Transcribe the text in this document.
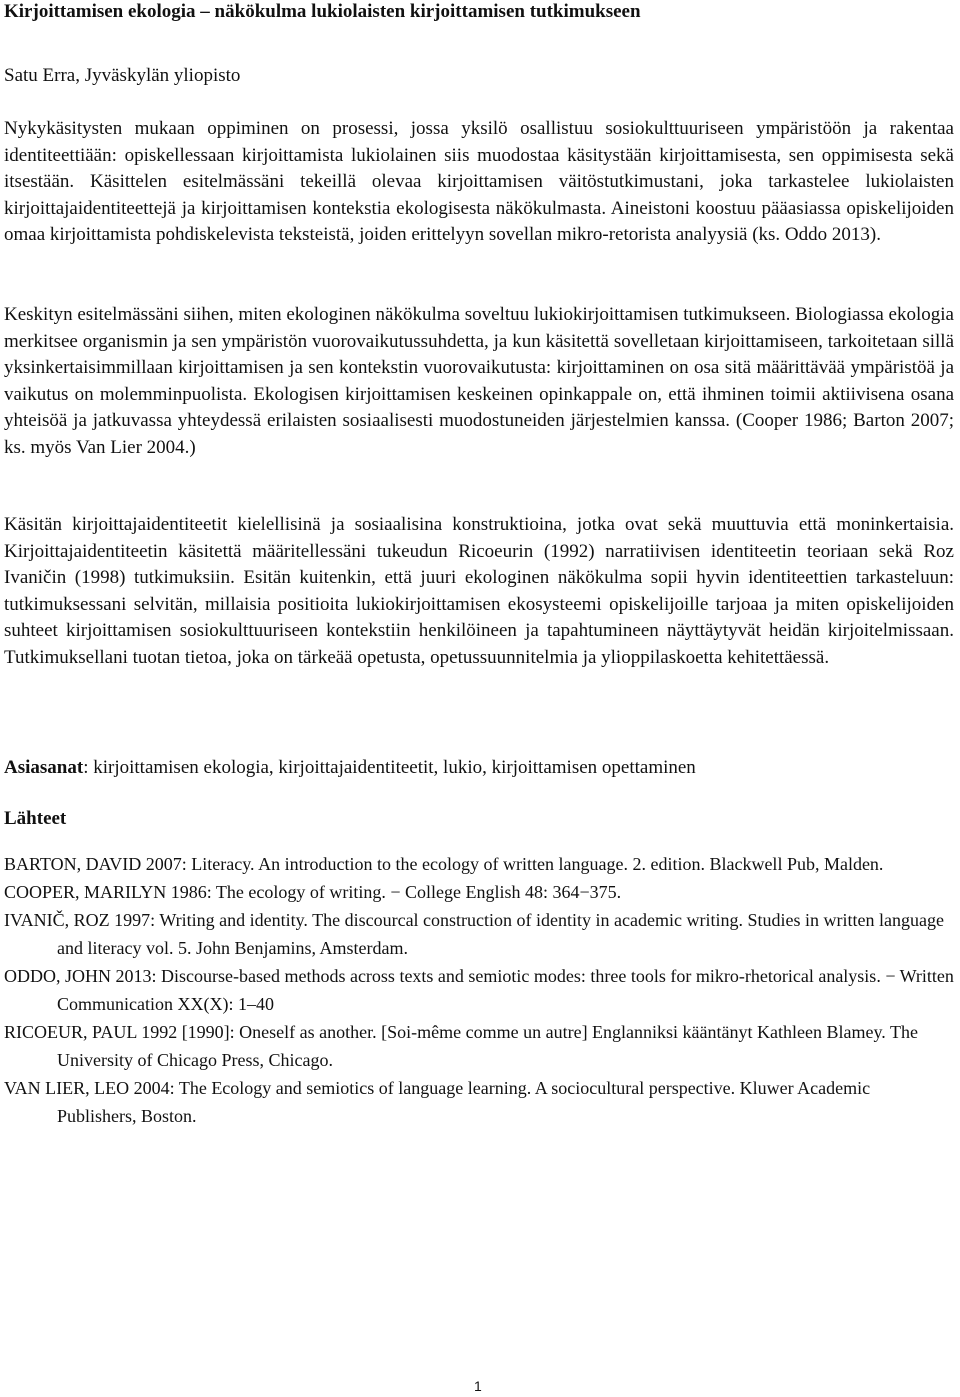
Kirjoittamisen ekologia – näkökulma lukiolaisten kirjoittamisen tutkimukseen

Satu Erra, Jyväskylän yliopisto

Nykykäsitysten mukaan oppiminen on prosessi, jossa yksilö osallistuu sosiokulttuuriseen ympäristöön ja rakentaa identiteettiään: opiskellessaan kirjoittamista lukiolainen siis muodostaa käsitystään kirjoittamisesta, sen oppimisesta sekä itsestään. Käsittelen esitelmässäni tekeillä olevaa kirjoittamisen väitöstutkimustani, joka tarkastelee lukiolaisten kirjoittajaidentiteettejä ja kirjoittamisen kontekstia ekologisesta näkökulmasta. Aineistoni koostuu pääasiassa opiskelijoiden omaa kirjoittamista pohdiskelevista teksteistä, joiden erittelyyn sovellan mikro-retorista analyysiä (ks. Oddo 2013).

Keskityn esitelmässäni siihen, miten ekologinen näkökulma soveltuu lukiokirjoittamisen tutkimukseen. Biologiassa ekologia merkitsee organismin ja sen ympäristön vuorovaikutussuhdetta, ja kun käsitettä sovelletaan kirjoittamiseen, tarkoitetaan sillä yksinkertaisimmillaan kirjoittamisen ja sen kontekstin vuorovaikutusta: kirjoittaminen on osa sitä määrittävää ympäristöä ja vaikutus on molemminpuolista. Ekologisen kirjoittamisen keskeinen opinkappale on, että ihminen toimii aktiivisena osana yhteisöä ja jatkuvassa yhteydessä erilaisten sosiaalisesti muodostuneiden järjestelmien kanssa. (Cooper 1986; Barton 2007; ks. myös Van Lier 2004.)

Käsitän kirjoittajaidentiteetit kielellisinä ja sosiaalisina konstruktioina, jotka ovat sekä muuttuvia että moninkertaisia. Kirjoittajaidentiteetin käsitettä määritellessäni tukeudun Ricoeurin (1992) narratiivisen identiteetin teoriaan sekä Roz Ivaničin (1998) tutkimuksiin. Esitän kuitenkin, että juuri ekologinen näkökulma sopii hyvin identiteettien tarkasteluun: tutkimuksessani selvitän, millaisia positioita lukiokirjoittamisen ekosysteemi opiskelijoille tarjoaa ja miten opiskelijoiden suhteet kirjoittamisen sosiokulttuuriseen kontekstiin henkilöineen ja tapahtumineen näyttäytyvät heidän kirjoitelmissaan. Tutkimuksellani tuotan tietoa, joka on tärkeää opetusta, opetussuunnitelmia ja ylioppilaskoetta kehitettäessä.

Asiasanat: kirjoittamisen ekologia, kirjoittajaidentiteetit, lukio, kirjoittamisen opettaminen

Lähteet
BARTON, DAVID 2007: Literacy. An introduction to the ecology of written language. 2. edition. Blackwell Pub, Malden.
COOPER, MARILYN 1986: The ecology of writing. − College English 48: 364−375.
IVANIČ, ROZ 1997: Writing and identity. The discourcal construction of identity in academic writing. Studies in written language and literacy vol. 5. John Benjamins, Amsterdam.
ODDO, JOHN 2013: Discourse-based methods across texts and semiotic modes: three tools for mikro-rhetorical analysis. − Written Communication XX(X): 1–40
RICOEUR, PAUL 1992 [1990]: Oneself as another. [Soi-même comme un autre] Englanniksi kääntänyt Kathleen Blamey. The University of Chicago Press, Chicago.
VAN LIER, LEO 2004: The Ecology and semiotics of language learning. A sociocultural perspective. Kluwer Academic Publishers, Boston.
1
